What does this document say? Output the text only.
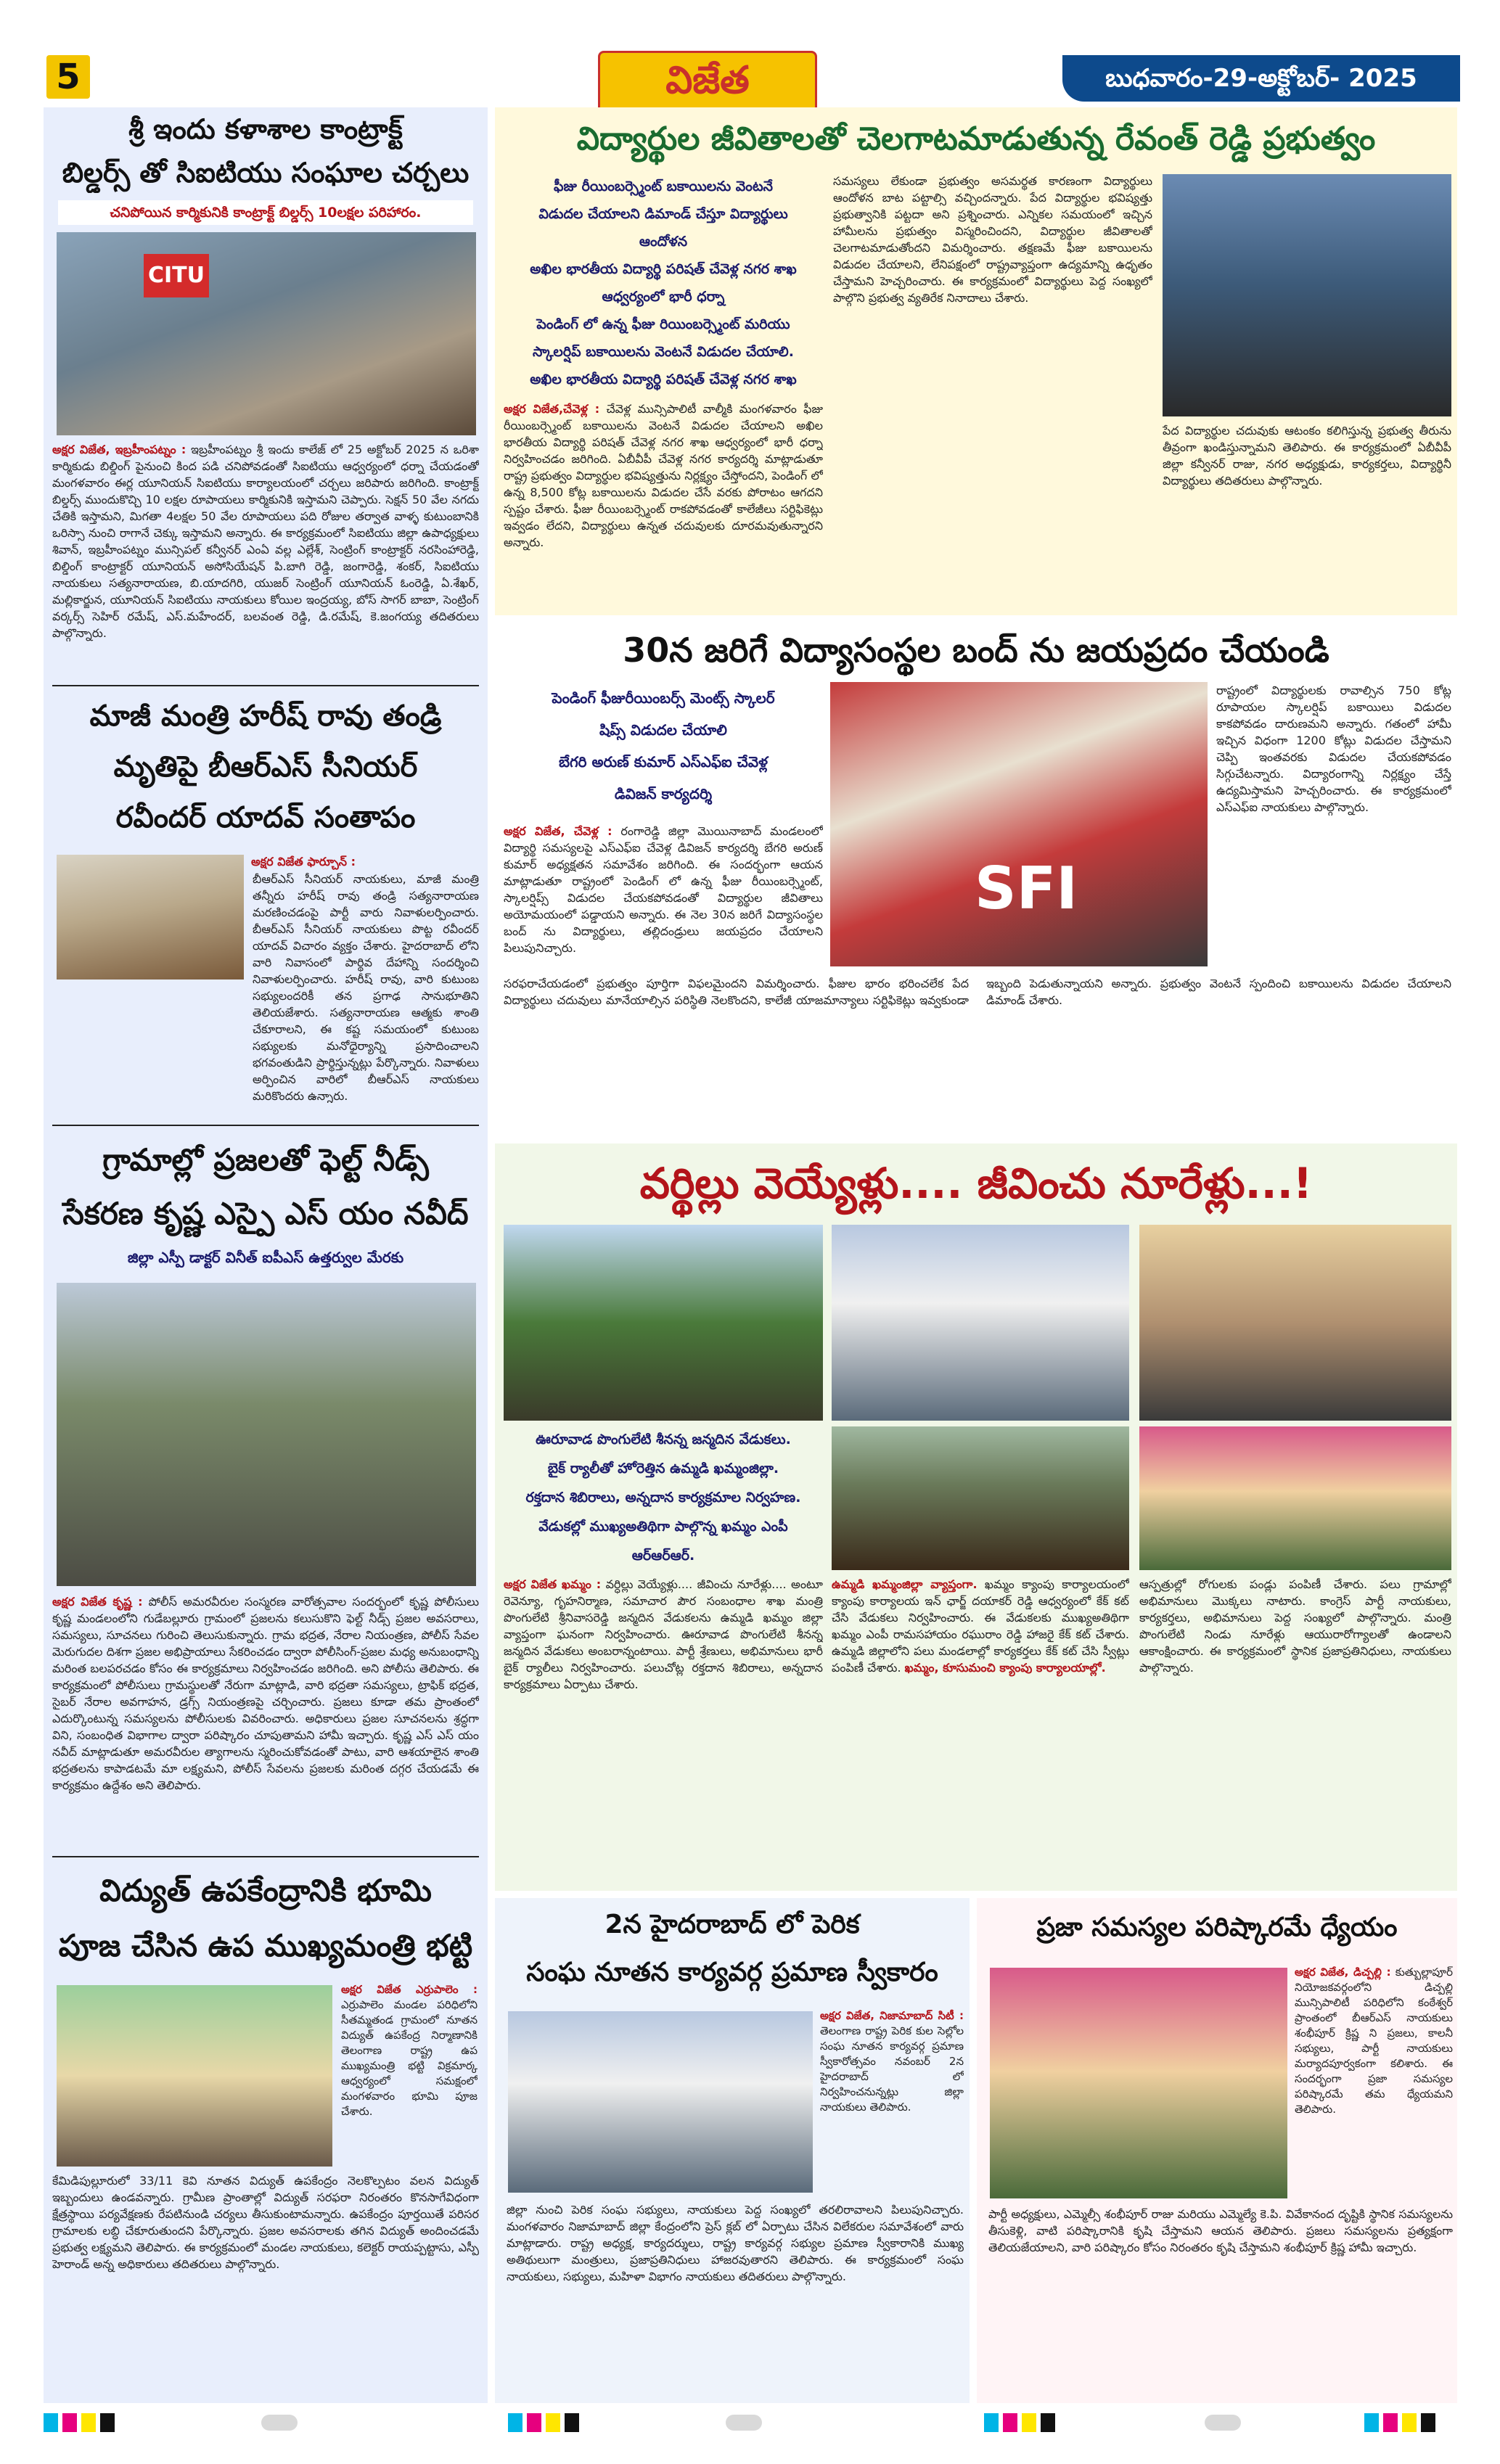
5	విజేత	బుధవారం-29-అక్టోబర్- 2025
శ్రీ ఇందు కళాశాల కాంట్రాక్ట్
బిల్డర్స్ తో సిఐటియు సంఘాల చర్చలు
చనిపోయిన కార్మికునికి కాంట్రాక్ట్ బిల్డర్స్ 10లక్షల పరిహారం.
CITU
అక్షర విజేత, ఇబ్రహీంపట్నం : ఇబ్రహీంపట్నం శ్రీ ఇందు కాలేజ్ లో 25 అక్టోబర్ 2025 న ఒరిశా కార్మికుడు బిల్డింగ్ పైనుంచి కింద పడి చనిపోవడంతో సిఐటియు ఆధ్వర్యంలో ధర్నా చేయడంతో మంగళవారం ఈర్ల యూనియన్ సిఐటియు కార్యాలయంలో చర్చలు జరిపారు జరిగింది. కాంట్రాక్ట్ బిల్డర్స్ ముందుకొచ్చి 10 లక్షల రూపాయలు కార్మికునికి ఇస్తామని చెప్పారు. సెక్షన్ 50 వేల నగదు చేతికి ఇస్తామని, మిగతా 4లక్షల 50 వేల రూపాయలు పది రోజుల తర్వాత వాళ్ళ కుటుంబానికి ఒరిస్సా నుంచి రాగానే చెక్కు ఇస్తామని అన్నారు. ఈ కార్యక్రమంలో సిఐటియు జిల్లా ఉపాధ్యక్షులు శివాన్, ఇబ్రహీంపట్నం మున్సిపల్ కన్వీనర్ ఎంఏ వల్ల ఎల్లేశ్, సెంట్రింగ్ కాంట్రాక్టర్ నరసింహారెడ్డి, బిల్డింగ్ కాంట్రాక్టర్ యూనియన్ అసోసియేషన్ పి.బాగి రెడ్డి, జంగారెడ్డి, శంకర్, సిఐటియు నాయకులు సత్యనారాయణ, బి.యాదగిరి, యుజర్ సెంట్రింగ్ యూనియన్ ఓంరెడ్డి, ఏ.శేఖర్, మల్లికార్జున, యూనియన్ సిఐటియు నాయకులు కోయిల ఇంద్రయ్య, బోస్ సాగర్ బాబా, సెంట్రింగ్ వర్కర్స్ సెహిర్ రమేష్, ఎస్.మహేందర్, బలవంత రెడ్డి, డి.రమేష్, కె.జంగయ్య తదితరులు పాల్గొన్నారు.
మాజీ మంత్రి హరీష్ రావు తండ్రి
మృతిపై బీఆర్ఎస్ సీనియర్
రవీందర్ యాదవ్ సంతాపం
అక్షర విజేత ఫార్చూన్ :
బీఆర్ఎస్ సీనియర్ నాయకులు, మాజీ మంత్రి తన్నీరు హరీష్ రావు తండ్రి సత్యనారాయణ మరణించడంపై పార్టీ వారు నివాళులర్పించారు. బీఆర్ఎస్ సీనియర్ నాయకులు పొట్ట రవీందర్ యాదవ్ విచారం వ్యక్తం చేశారు. హైదరాబాద్ లోని వారి నివాసంలో పార్థివ దేహాన్ని సందర్శించి నివాళులర్పించారు. హరీష్ రావు, వారి కుటుంబ సభ్యులందరికీ తన ప్రగాఢ సానుభూతిని తెలియజేశారు. సత్యనారాయణ ఆత్మకు శాంతి చేకూరాలని, ఈ కష్ట సమయంలో కుటుంబ సభ్యులకు మనోధైర్యాన్ని ప్రసాదించాలని భగవంతుడిని ప్రార్థిస్తున్నట్లు పేర్కొన్నారు. నివాళులు అర్పించిన వారిలో బీఆర్ఎస్ నాయకులు మరికొందరు ఉన్నారు.
గ్రామాల్లో ప్రజలతో ఫెల్ట్ నీడ్స్
సేకరణ కృష్ణ ఎస్పై ఎస్ యం నవీద్
జిల్లా ఎస్పీ డాక్టర్ వినీత్ ఐపీఎస్ ఉత్తర్వుల మేరకు
అక్షర విజేత కృష్ణ : పోలీస్ అమరవీరుల సంస్మరణ వారోత్సవాల సందర్భంలో కృష్ణ పోలీసులు కృష్ణ మండలంలోని గుడేబల్లూరు గ్రామంలో ప్రజలను కలుసుకొని ఫెల్ట్ నీడ్స్ ప్రజల అవసరాలు, సమస్యలు, సూచనలు గురించి తెలుసుకున్నారు. గ్రామ భద్రత, నేరాల నియంత్రణ, పోలీస్ సేవల మెరుగుదల దిశగా ప్రజల అభిప్రాయాలు సేకరించడం ద్వారా పోలీసింగ్-ప్రజల మధ్య అనుబంధాన్ని మరింత బలపరచడం కోసం ఈ కార్యక్రమాలు నిర్వహించడం జరిగింది. అని పోలీసు తెలిపారు. ఈ కార్యక్రమంలో పోలీసులు గ్రామస్థులతో నేరుగా మాట్లాడి, వారి భద్రతా సమస్యలు, ట్రాఫిక్ భద్రత, సైబర్ నేరాల అవగాహన, డ్రగ్స్ నియంత్రణపై చర్చించారు. ప్రజలు కూడా తమ ప్రాంతంలో ఎదుర్కొంటున్న సమస్యలను పోలీసులకు వివరించారు. అధికారులు ప్రజల సూచనలను శ్రద్ధగా విని, సంబంధిత విభాగాల ద్వారా పరిష్కారం చూపుతామని హామీ ఇచ్చారు. కృష్ణ ఎస్ ఎస్ యం నవీద్ మాట్లాడుతూ అమరవీరుల త్యాగాలను స్మరించుకోవడంతో పాటు, వారి ఆశయాలైన శాంతి భద్రతలను కాపాడటమే మా లక్ష్యమని, పోలీస్ సేవలను ప్రజలకు మరింత దగ్గర చేయడమే ఈ కార్యక్రమం ఉద్దేశం అని తెలిపారు.
విద్యుత్ ఉపకేంద్రానికి భూమి
పూజ చేసిన ఉప ముఖ్యమంత్రి భట్టి
అక్షర విజేత ఎర్రుపాలెం : ఎర్రుపాలెం మండల పరిధిలోని సీతమ్మతండ గ్రామంలో నూతన విద్యుత్ ఉపకేంద్ర నిర్మాణానికి తెలంగాణ రాష్ట్ర ఉప ముఖ్యమంత్రి భట్టి విక్రమార్క ఆధ్వర్యంలో సమక్షంలో మంగళవారం భూమి పూజ చేశారు.
కేమిడిపుల్లూరులో 33/11 కెవి నూతన విద్యుత్ ఉపకేంద్రం నెలకొల్పటం వలన విద్యుత్ ఇబ్బందులు ఉండవన్నారు. గ్రామీణ ప్రాంతాల్లో విద్యుత్ సరఫరా నిరంతరం కొనసాగేవిధంగా క్షేత్రస్థాయి పర్యవేక్షణకు రేపటినుండి చర్యలు తీసుకుంటామన్నారు. ఉపకేంద్రం పూర్తయితే పరిసర గ్రామాలకు లబ్ధి చేకూరుతుందని పేర్కొన్నారు. ప్రజల అవసరాలకు తగిన విద్యుత్ అందించడమే ప్రభుత్వ లక్ష్యమని తెలిపారు. ఈ కార్యక్రమంలో మండల నాయకులు, కలెక్టర్ రాయప్పట్టాసు, ఎస్పీ హెరాండ్ అన్న అధికారులు తదితరులు పాల్గొన్నారు.
విద్యార్థుల జీవితాలతో చెలగాటమాడుతున్న రేవంత్ రెడ్డి ప్రభుత్వం
ఫీజు రీయింబర్స్మెంట్ బకాయిలను వెంటనే
విడుదల చేయాలని డిమాండ్ చేస్తూ విద్యార్థులు
ఆందోళన
అఖిల భారతీయ విద్యార్థి పరిషత్ చేవెళ్ల నగర శాఖ
ఆధ్వర్యంలో భారీ ధర్నా
పెండింగ్ లో ఉన్న ఫీజు రియింబర్స్మెంట్ మరియు
స్కాలర్షిప్ బకాయిలను వెంటనే విడుదల చేయాలి.
అఖిల భారతీయ విద్యార్థి పరిషత్ చేవెళ్ల నగర శాఖ
అక్షర విజేత,చేవెళ్ల : చేవెళ్ల మున్సిపాలిటీ వాల్మీకి మంగళవారం ఫీజు రీయింబర్స్మెంట్ బకాయిలను వెంటనే విడుదల చేయాలని అఖిల భారతీయ విద్యార్థి పరిషత్ చేవెళ్ల నగర శాఖ ఆధ్వర్యంలో భారీ ధర్నా నిర్వహించడం జరిగింది. ఏబీవీపీ చేవెళ్ల నగర కార్యదర్శి మాట్లాడుతూ రాష్ట్ర ప్రభుత్వం విద్యార్థుల భవిష్యత్తును నిర్లక్ష్యం చేస్తోందని, పెండింగ్ లో ఉన్న 8,500 కోట్ల బకాయిలను విడుదల చేసే వరకు పోరాటం ఆగదని స్పష్టం చేశారు. ఫీజు రీయింబర్స్మెంట్ రాకపోవడంతో కాలేజీలు సర్టిఫికెట్లు ఇవ్వడం లేదని, విద్యార్థులు ఉన్నత చదువులకు దూరమవుతున్నారని అన్నారు.
సమస్యలు లేకుండా ప్రభుత్వం అసమర్థత కారణంగా విద్యార్థులు ఆందోళన బాట పట్టాల్సి వచ్చిందన్నారు. పేద విద్యార్థుల భవిష్యత్తు ప్రభుత్వానికి పట్టదా అని ప్రశ్నించారు. ఎన్నికల సమయంలో ఇచ్చిన హామీలను ప్రభుత్వం విస్మరించిందని, విద్యార్థుల జీవితాలతో చెలగాటమాడుతోందని విమర్శించారు. తక్షణమే ఫీజు బకాయిలను విడుదల చేయాలని, లేనిపక్షంలో రాష్ట్రవ్యాప్తంగా ఉద్యమాన్ని ఉధృతం చేస్తామని హెచ్చరించారు. ఈ కార్యక్రమంలో విద్యార్థులు పెద్ద సంఖ్యలో పాల్గొని ప్రభుత్వ వ్యతిరేక నినాదాలు చేశారు.
పేద విద్యార్థుల చదువుకు ఆటంకం కలిగిస్తున్న ప్రభుత్వ తీరును తీవ్రంగా ఖండిస్తున్నామని తెలిపారు. ఈ కార్యక్రమంలో ఏబీవీపీ జిల్లా కన్వీనర్ రాజు, నగర అధ్యక్షుడు, కార్యకర్తలు, విద్యార్థినీ విద్యార్థులు తదితరులు పాల్గొన్నారు.
30న జరిగే విద్యాసంస్థల బంద్ ను జయప్రదం చేయండి
పెండింగ్ ఫీజురీయింబర్స్ మెంట్స్ స్కాలర్
షిప్స్ విడుదల చేయాలి
బేగరి అరుణ్ కుమార్ ఎస్ఎఫ్ఐ చేవెళ్ల
డివిజన్ కార్యదర్శి
అక్షర విజేత, చేవెళ్ల : రంగారెడ్డి జిల్లా మొయినాబాద్ మండలంలో విద్యార్థి సమస్యలపై ఎస్ఎఫ్ఐ చేవెళ్ల డివిజన్ కార్యదర్శి బేగరి అరుణ్ కుమార్ అధ్యక్షతన సమావేశం జరిగింది. ఈ సందర్భంగా ఆయన మాట్లాడుతూ రాష్ట్రంలో పెండింగ్ లో ఉన్న ఫీజు రీయింబర్స్మెంట్, స్కాలర్షిప్స్ విడుదల చేయకపోవడంతో విద్యార్థుల జీవితాలు అయోమయంలో పడ్డాయని అన్నారు. ఈ నెల 30న జరిగే విద్యాసంస్థల బంద్ ను విద్యార్థులు, తల్లిదండ్రులు జయప్రదం చేయాలని పిలుపునిచ్చారు.
SFI
రాష్ట్రంలో విద్యార్థులకు రావాల్సిన 750 కోట్ల రూపాయల స్కాలర్షిప్ బకాయిలు విడుదల కాకపోవడం దారుణమని అన్నారు. గతంలో హామీ ఇచ్చిన విధంగా 1200 కోట్లు విడుదల చేస్తామని చెప్పి ఇంతవరకు విడుదల చేయకపోవడం సిగ్గుచేటన్నారు. విద్యారంగాన్ని నిర్లక్ష్యం చేస్తే ఉద్యమిస్తామని హెచ్చరించారు. ఈ కార్యక్రమంలో ఎస్ఎఫ్ఐ నాయకులు పాల్గొన్నారు.
సరఫరాచేయడంలో ప్రభుత్వం పూర్తిగా విఫలమైందని విమర్శించారు. ఫీజుల భారం భరించలేక పేద విద్యార్థులు చదువులు మానేయాల్సిన పరిస్థితి నెలకొందని, కాలేజీ యాజమాన్యాలు సర్టిఫికెట్లు ఇవ్వకుండా ఇబ్బంది పెడుతున్నాయని అన్నారు. ప్రభుత్వం వెంటనే స్పందించి బకాయిలను విడుదల చేయాలని డిమాండ్ చేశారు.
వర్థిల్లు వెయ్యేళ్లు.... జీవించు నూరేళ్లు...!
ఊరూవాడ పొంగులేటి శీనన్న జన్మదిన వేడుకలు.
బైక్ ర్యాలీతో హోరెత్తిన ఉమ్మడి ఖమ్మంజిల్లా.
రక్తదాన శిబిరాలు, అన్నదాన కార్యక్రమాల నిర్వహణ.
వేడుకల్లో ముఖ్యఅతిథిగా పాల్గొన్న ఖమ్మం ఎంపీ
ఆర్ఆర్ఆర్.
అక్షర విజేత ఖమ్మం : వర్ధిల్లు వెయ్యేళ్లు.... జీవించు నూరేళ్లు.... అంటూ రెవెన్యూ, గృహనిర్మాణ, సమాచార పౌర సంబంధాల శాఖ మంత్రి పొంగులేటి శ్రీనివాసరెడ్డి జన్మదిన వేడుకలను ఉమ్మడి ఖమ్మం జిల్లా వ్యాప్తంగా ఘనంగా నిర్వహించారు. ఊరూవాడ పొంగులేటి శీనన్న జన్మదిన వేడుకలు అంబరాన్నంటాయి. పార్టీ శ్రేణులు, అభిమానులు భారీ బైక్ ర్యాలీలు నిర్వహించారు. పలుచోట్ల రక్తదాన శిబిరాలు, అన్నదాన కార్యక్రమాలు ఏర్పాటు చేశారు.
ఉమ్మడి ఖమ్మంజిల్లా వ్యాప్తంగా. ఖమ్మం క్యాంపు కార్యాలయంలో క్యాంపు కార్యాలయ ఇన్ ఛార్జ్ దయాకర్ రెడ్డి ఆధ్వర్యంలో కేక్ కట్ చేసి వేడుకలు నిర్వహించారు. ఈ వేడుకలకు ముఖ్యఅతిథిగా ఖమ్మం ఎంపీ రామసహాయం రఘురాం రెడ్డి హాజరై కేక్ కట్ చేశారు. ఉమ్మడి జిల్లాలోని పలు మండలాల్లో కార్యకర్తలు కేక్ కట్ చేసి స్వీట్లు పంపిణీ చేశారు. ఖమ్మం, కూసుమంచి క్యాంపు కార్యాలయాల్లో.
ఆస్పత్రుల్లో రోగులకు పండ్లు పంపిణీ చేశారు. పలు గ్రామాల్లో అభిమానులు మొక్కలు నాటారు. కాంగ్రెస్ పార్టీ నాయకులు, కార్యకర్తలు, అభిమానులు పెద్ద సంఖ్యలో పాల్గొన్నారు. మంత్రి పొంగులేటి నిండు నూరేళ్లు ఆయురారోగ్యాలతో ఉండాలని ఆకాంక్షించారు. ఈ కార్యక్రమంలో స్థానిక ప్రజాప్రతినిధులు, నాయకులు పాల్గొన్నారు.
2న హైదరాబాద్ లో పెరిక
సంఘ నూతన కార్యవర్గ ప్రమాణ స్వీకారం
అక్షర విజేత, నిజామాబాద్ సిటీ : తెలంగాణ రాష్ట్ర పెరిక కుల సెల్లోల సంఘ నూతన కార్యవర్గ ప్రమాణ స్వీకారోత్సవం నవంబర్ 2న హైదరాబాద్ లో నిర్వహించనున్నట్లు జిల్లా నాయకులు తెలిపారు.
జిల్లా నుంచి పెరిక సంఘ సభ్యులు, నాయకులు పెద్ద సంఖ్యలో తరలిరావాలని పిలుపునిచ్చారు. మంగళవారం నిజామాబాద్ జిల్లా కేంద్రంలోని ప్రెస్ క్లబ్ లో ఏర్పాటు చేసిన విలేకరుల సమావేశంలో వారు మాట్లాడారు. రాష్ట్ర అధ్యక్ష, కార్యదర్శులు, రాష్ట్ర కార్యవర్గ సభ్యుల ప్రమాణ స్వీకారానికి ముఖ్య అతిథులుగా మంత్రులు, ప్రజాప్రతినిధులు హాజరవుతారని తెలిపారు. ఈ కార్యక్రమంలో సంఘ నాయకులు, సభ్యులు, మహిళా విభాగం నాయకులు తదితరులు పాల్గొన్నారు.
ప్రజా సమస్యల పరిష్కారమే ధ్యేయం
అక్షర విజేత, డిచ్పల్లి : కుత్బుల్లాపూర్ నియోజకవర్గంలోని డిచ్పల్లి మున్సిపాలిటీ పరిధిలోని కంఠేశ్వర్ ప్రాంతంలో బీఆర్ఎస్ నాయకులు శంభీపూర్ క్రిష్ణ ని ప్రజలు, కాలనీ సభ్యులు, పార్టీ నాయకులు మర్యాదపూర్వకంగా కలిశారు. ఈ సందర్భంగా ప్రజా సమస్యల పరిష్కారమే తమ ధ్యేయమని తెలిపారు.
పార్టీ అధ్యక్షులు, ఎమ్మెల్సీ శంభీపూర్ రాజు మరియు ఎమ్మెల్యే కె.పి. వివేకానంద దృష్టికి స్థానిక సమస్యలను తీసుకెళ్లి, వాటి పరిష్కారానికి కృషి చేస్తామని ఆయన తెలిపారు. ప్రజలు సమస్యలను ప్రత్యక్షంగా తెలియజేయాలని, వారి పరిష్కారం కోసం నిరంతరం కృషి చేస్తామని శంభీపూర్ క్రిష్ణ హామీ ఇచ్చారు.
